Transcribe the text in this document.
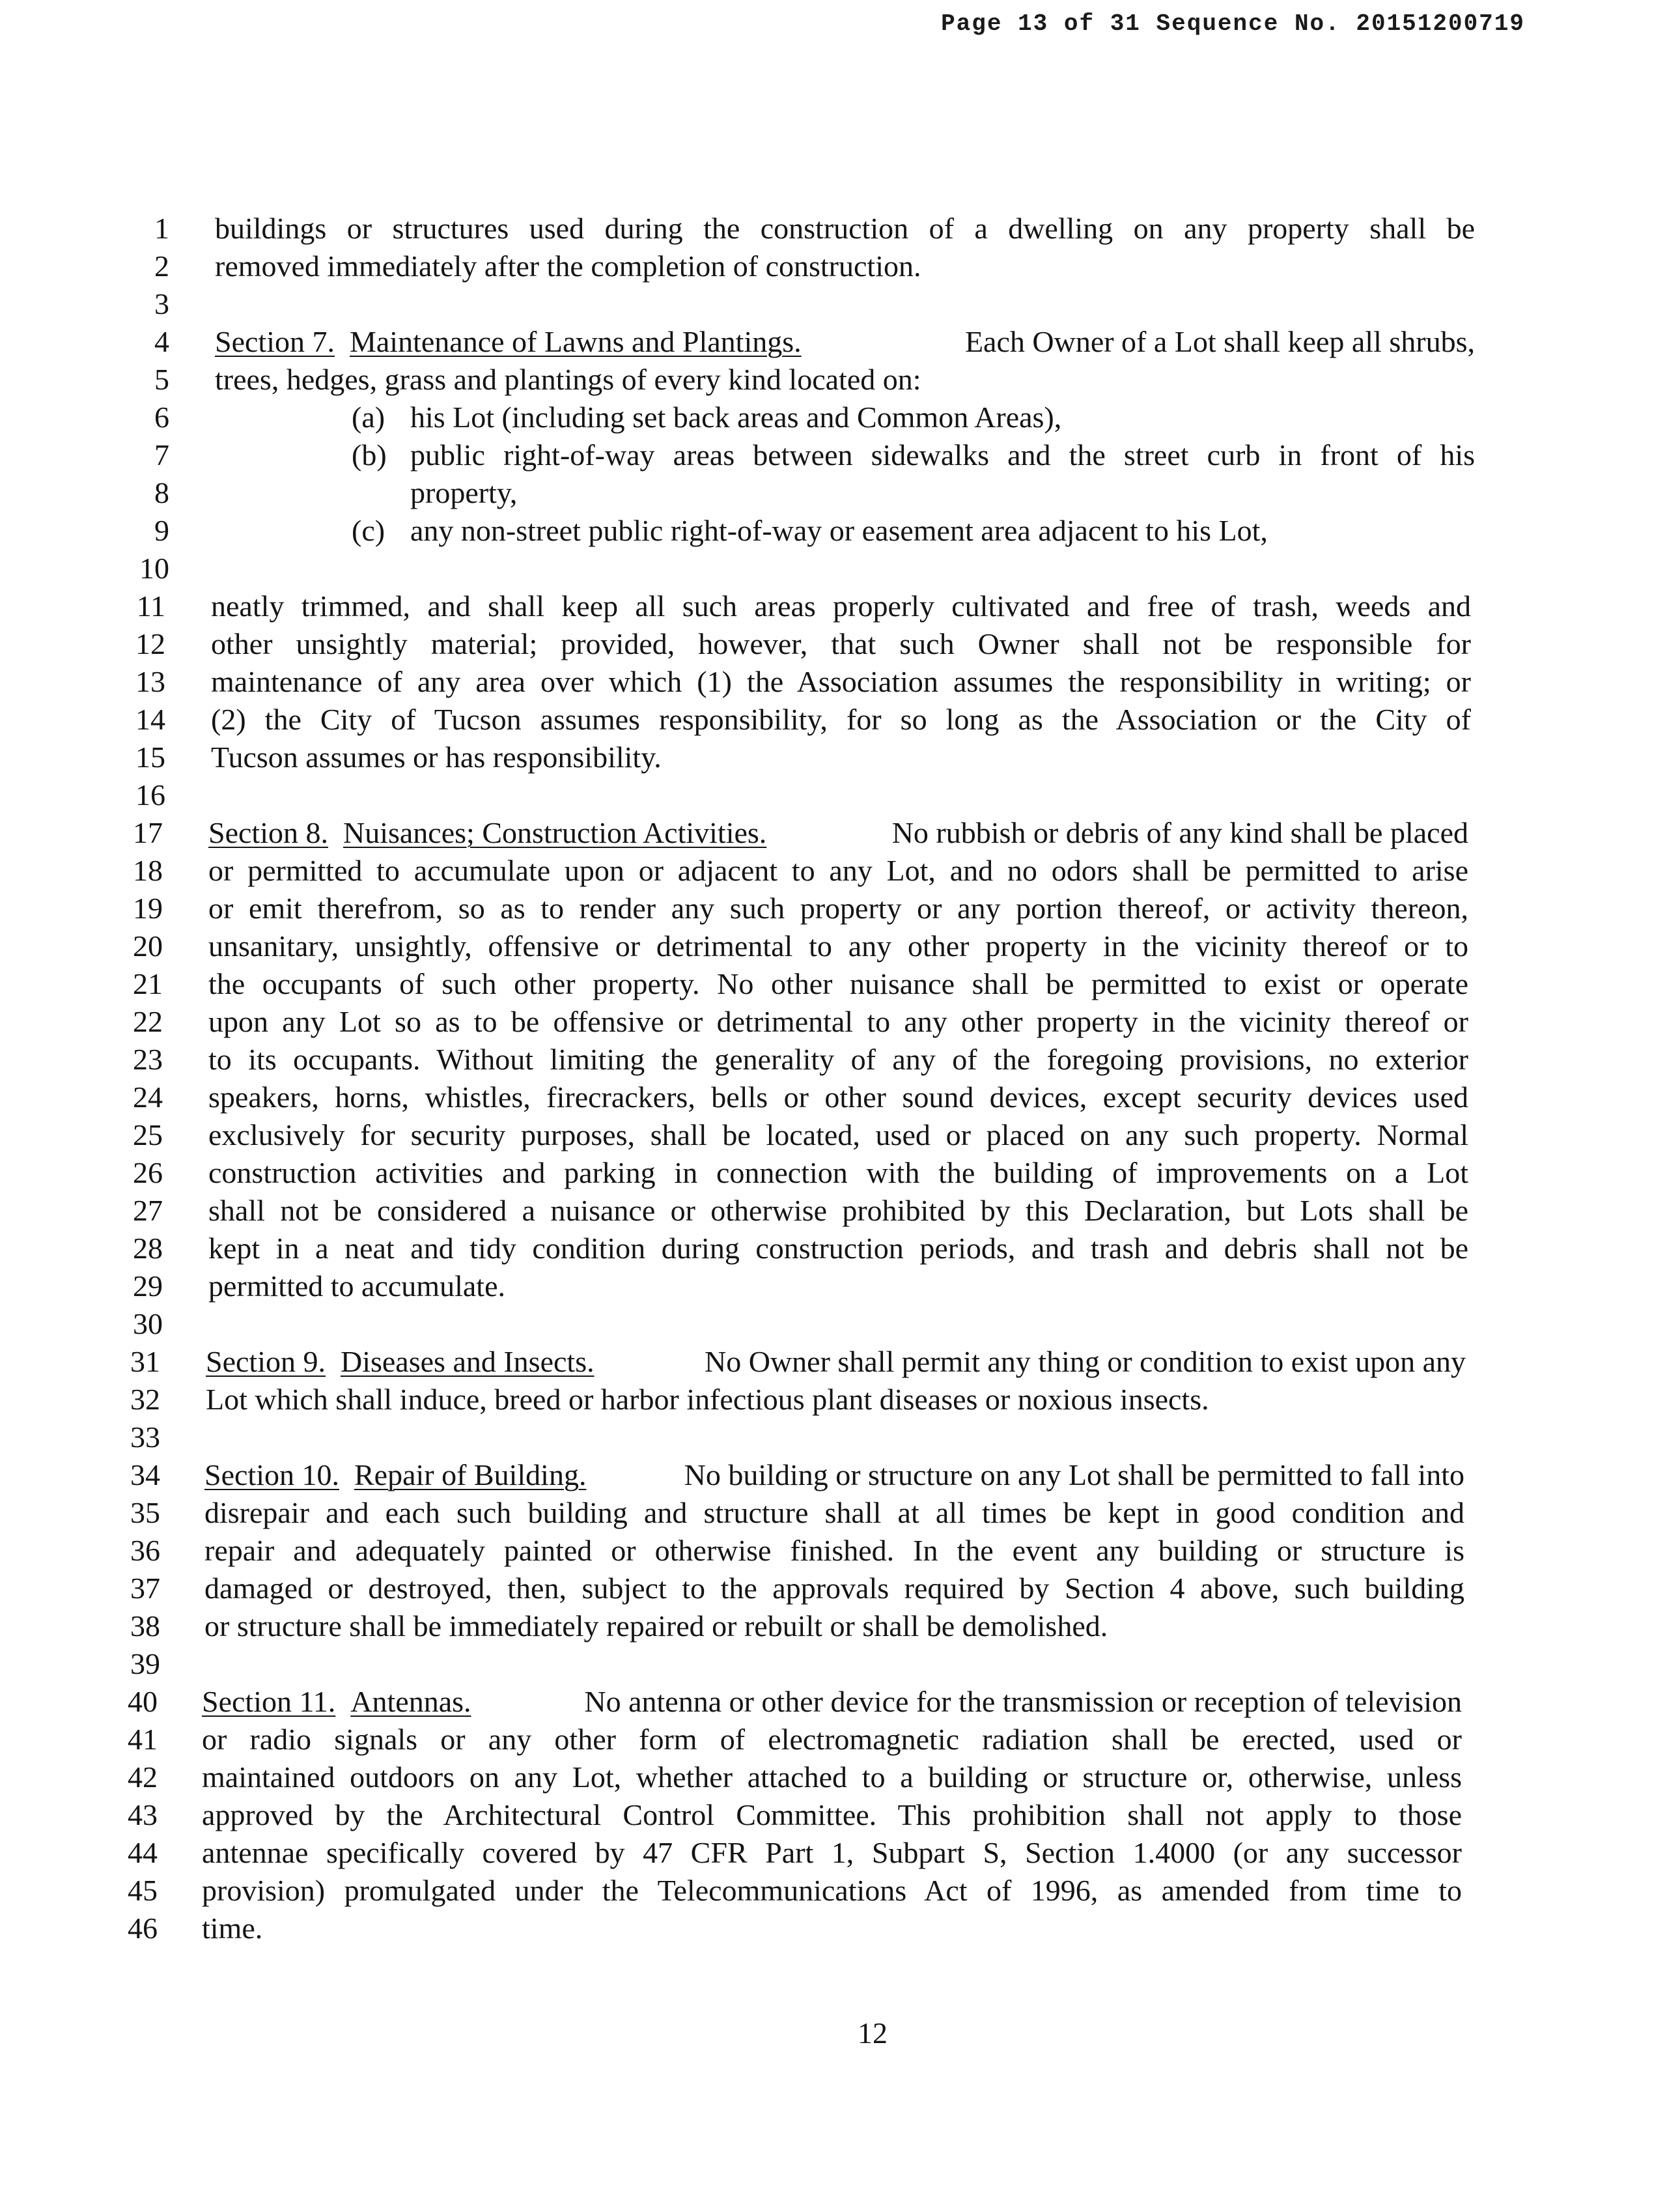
Page 13 of 31 Sequence No. 20151200719
1
2
3
4
5
6
7
8
9
10
11
12
13
14
15
16
17
18
19
20
21
22
23
24
25
26
27
28
29
30
31
32
33
34
35
36
37
38
39
40
41
42
43
44
45
46
buildings or structures used during the construction of a dwelling on any property shall be
removed immediately after the completion of construction.
Section 7. Maintenance of Lawns and Plantings.	Each Owner of a Lot shall keep all shrubs,
trees, hedges, grass and plantings of every kind located on:
(a) his Lot (including set back areas and Common Areas),
(b) public right-of-way areas between sidewalks and the street curb in front of his
property,
(c) any non-street public right-of-way or easement area adjacent to his Lot,
neatly trimmed, and shall keep all such areas properly cultivated and free of trash, weeds and
other unsightly material; provided, however, that such Owner shall not be responsible for
maintenance of any area over which (1) the Association assumes the responsibility in writing; or
(2) the City of Tucson assumes responsibility, for so long as the Association or the City of
Tucson assumes or has responsibility.
Section 8. Nuisances; Construction Activities.	No rubbish or debris of any kind shall be placed
or permitted to accumulate upon or adjacent to any Lot, and no odors shall be permitted to arise
or emit therefrom, so as to render any such property or any portion thereof, or activity thereon,
unsanitary, unsightly, offensive or detrimental to any other property in the vicinity thereof or to
the occupants of such other property. No other nuisance shall be permitted to exist or operate
upon any Lot so as to be offensive or detrimental to any other property in the vicinity thereof or
to its occupants. Without limiting the generality of any of the foregoing provisions, no exterior
speakers, horns, whistles, firecrackers, bells or other sound devices, except security devices used
exclusively for security purposes, shall be located, used or placed on any such property. Normal
construction activities and parking in connection with the building of improvements on a Lot
shall not be considered a nuisance or otherwise prohibited by this Declaration, but Lots shall be
kept in a neat and tidy condition during construction periods, and trash and debris shall not be
permitted to accumulate.
Section 9. Diseases and Insects.	No Owner shall permit any thing or condition to exist upon any
Lot which shall induce, breed or harbor infectious plant diseases or noxious insects.
Section 10. Repair of Building.	No building or structure on any Lot shall be permitted to fall into
disrepair and each such building and structure shall at all times be kept in good condition and
repair and adequately painted or otherwise finished. In the event any building or structure is
damaged or destroyed, then, subject to the approvals required by Section 4 above, such building
or structure shall be immediately repaired or rebuilt or shall be demolished.
Section 11. Antennas.	No antenna or other device for the transmission or reception of television
or radio signals or any other form of electromagnetic radiation shall be erected, used or
maintained outdoors on any Lot, whether attached to a building or structure or, otherwise, unless
approved by the Architectural Control Committee. This prohibition shall not apply to those
antennae specifically covered by 47 CFR Part 1, Subpart S, Section 1.4000 (or any successor
provision) promulgated under the Telecommunications Act of 1996, as amended from time to
time.
12
